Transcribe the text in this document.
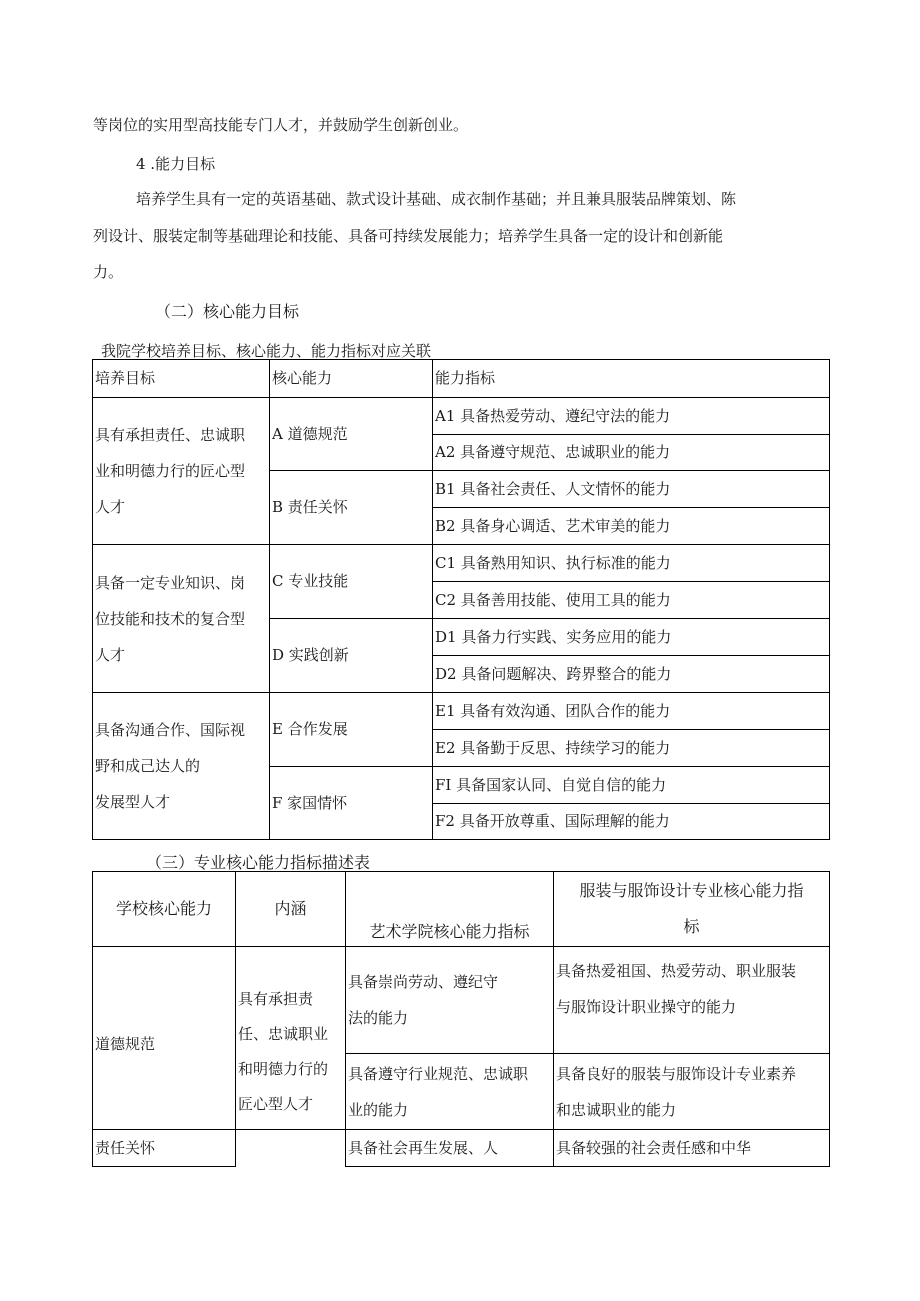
等岗位的实用型高技能专门人才，并鼓励学生创新创业。
4 .能力目标
培养学生具有一定的英语基础、款式设计基础、成衣制作基础；并且兼具服装品牌策划、陈
列设计、服装定制等基础理论和技能、具备可持续发展能力；培养学生具备一定的设计和创新能
力。
（二）核心能力目标
我院学校培养目标、核心能力、能力指标对应关联
培养目标	核心能力	能力指标

具有承担责任、忠诚职
业和明德力行的匠心型
人才	A 道德规范	A1 具备热爱劳动、遵纪守法的能力

		A2 具备遵守规范、忠诚职业的能力

	B 责任关怀	B1 具备社会责任、人文情怀的能力

		B2 具备身心调适、艺术审美的能力

具备一定专业知识、岗
位技能和技术的复合型
人才	C 专业技能	C1 具备熟用知识、执行标准的能力

		C2 具备善用技能、使用工具的能力

	D 实践创新	D1 具备力行实践、实务应用的能力

		D2 具备问题解决、跨界整合的能力

具备沟通合作、国际视
野和成己达人的
发展型人才	E 合作发展	E1 具备有效沟通、团队合作的能力

		E2 具备勤于反思、持续学习的能力

	F 家国情怀	FI 具备国家认同、自觉自信的能力

		F2 具备开放尊重、国际理解的能力
（三）专业核心能力指标描述表
学校核心能力	内涵	艺术学院核心能力指标	服装与服饰设计专业核心能力指
标

道德规范	具有承担责
任、忠诚职业
和明德力行的
匠心型人才	具备崇尚劳动、遵纪守
法的能力	具备热爱祖国、热爱劳动、职业服装
与服饰设计职业操守的能力

		具备遵守行业规范、忠诚职
业的能力	具备良好的服装与服饰设计专业素养
和忠诚职业的能力

责任关怀		具备社会再生发展、人	具备较强的社会责任感和中华
